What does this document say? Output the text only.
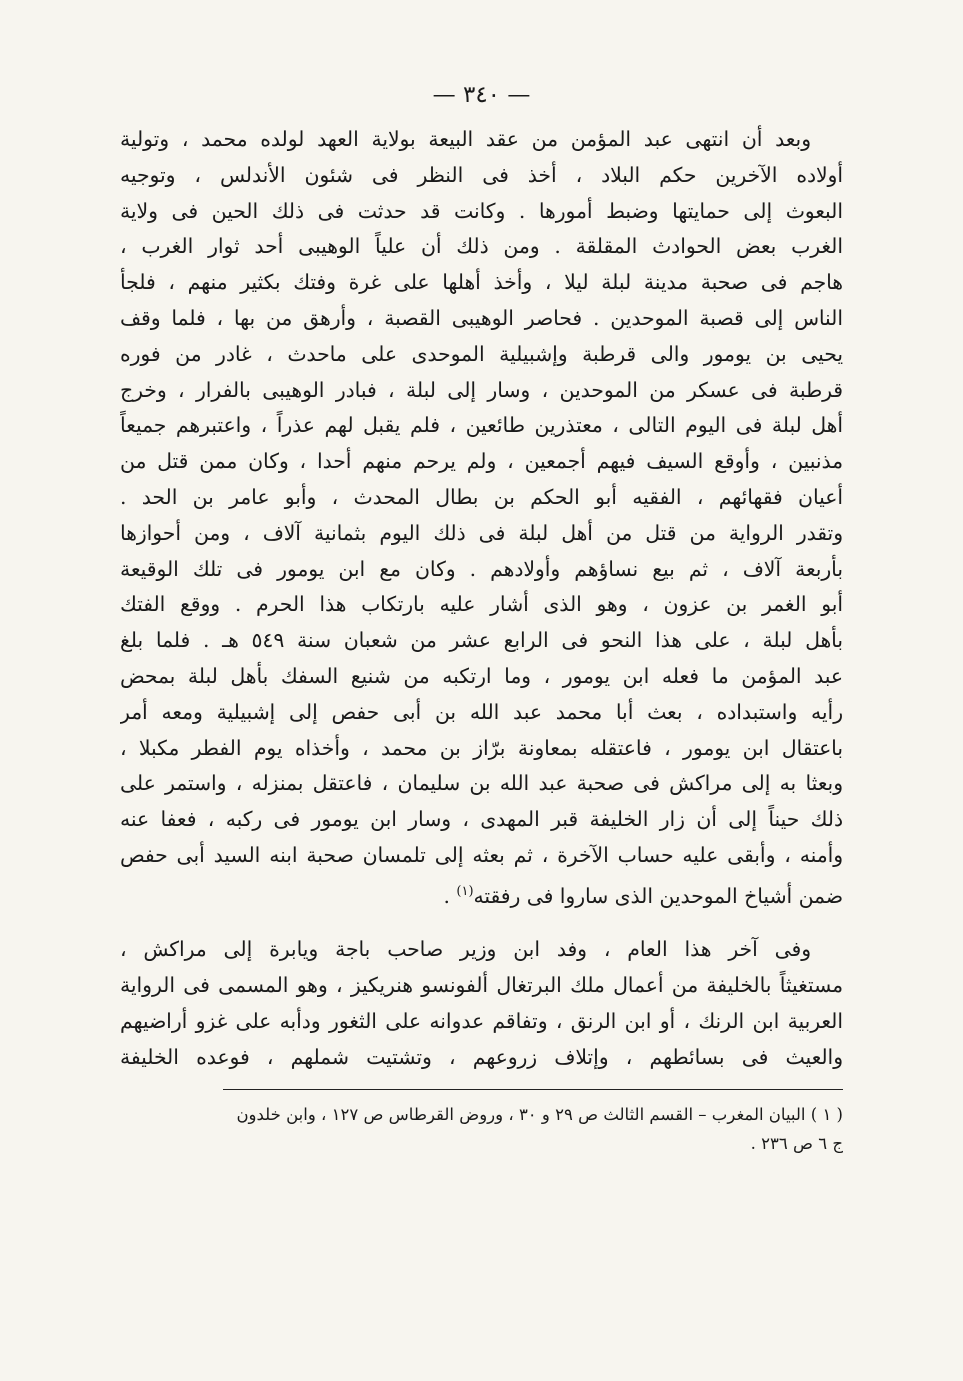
— ٣٤٠ —
وبعد أن انتهى عبد المؤمن من عقد البيعة بولاية العهد لولده محمد ، وتولية
أولاده الآخرين حكم البلاد ، أخذ فى النظر فى شئون الأندلس ، وتوجيه
البعوث إلى حمايتها وضبط أمورها . وكانت قد حدثت فى ذلك الحين فى ولاية
الغرب بعض الحوادث المقلقة . ومن ذلك أن علياً الوهيبى أحد ثوار الغرب ،
هاجم فى صحبة مدينة لبلة ليلا ، وأخذ أهلها على غرة وفتك بكثير منهم ، فلجأ
الناس إلى قصبة الموحدين . فحاصر الوهيبى القصبة ، وأرهق من بها ، فلما وقف
يحيى بن يومور والى قرطبة وإشبيلية الموحدى على ماحدث ، غادر من فوره
قرطبة فى عسكر من الموحدين ، وسار إلى لبلة ، فبادر الوهيبى بالفرار ، وخرج
أهل لبلة فى اليوم التالى ، معتذرين طائعين ، فلم يقبل لهم عذراً ، واعتبرهم جميعاً
مذنبين ، وأوقع السيف فيهم أجمعين ، ولم يرحم منهم أحدا ، وكان ممن قتل من
أعيان فقهائهم ، الفقيه أبو الحكم بن بطال المحدث ، وأبو عامر بن الحد .
وتقدر الرواية من قتل من أهل لبلة فى ذلك اليوم بثمانية آلاف ، ومن أحوازها
بأربعة آلاف ، ثم بيع نساؤهم وأولادهم . وكان مع ابن يومور فى تلك الوقيعة
أبو الغمر بن عزون ، وهو الذى أشار عليه بارتكاب هذا الحرم . ووقع الفتك
بأهل لبلة ، على هذا النحو فى الرابع عشر من شعبان سنة ٥٤٩ هـ . فلما بلغ
عبد المؤمن ما فعله ابن يومور ، وما ارتكبه من شنيع السفك بأهل لبلة بمحض
رأيه واستبداده ، بعث أبا محمد عبد الله بن أبى حفص إلى إشبيلية ومعه أمر
باعتقال ابن يومور ، فاعتقله بمعاونة برّاز بن محمد ، وأخذاه يوم الفطر مكبلا ،
وبعثا به إلى مراكش فى صحبة عبد الله بن سليمان ، فاعتقل بمنزله ، واستمر على
ذلك حيناً إلى أن زار الخليفة قبر المهدى ، وسار ابن يومور فى ركبه ، فعفا عنه
وأمنه ، وأبقى عليه حساب الآخرة ، ثم بعثه إلى تلمسان صحبة ابنه السيد أبى حفص
ضمن أشياخ الموحدين الذى ساروا فى رفقته$^{(١)}$ .
وفى آخر هذا العام ، وفد ابن وزير صاحب باجة ويابرة إلى مراكش ،
مستغيثاً بالخليفة من أعمال ملك البرتغال ألفونسو هنريكيز ، وهو المسمى فى الرواية
العربية ابن الرنك ، أو ابن الرنق ، وتفاقم عدوانه على الثغور ودأبه على غزو أراضيهم
والعيث فى بسائطهم ، وإتلاف زروعهم ، وتشتيت شملهم ، فوعده الخليفة
( ١ ) البيان المغرب – القسم الثالث ص ٢٩ و ٣٠ ، وروض القرطاس ص ١٢٧ ، وابن خلدون
ج ٦ ص ٢٣٦ .
